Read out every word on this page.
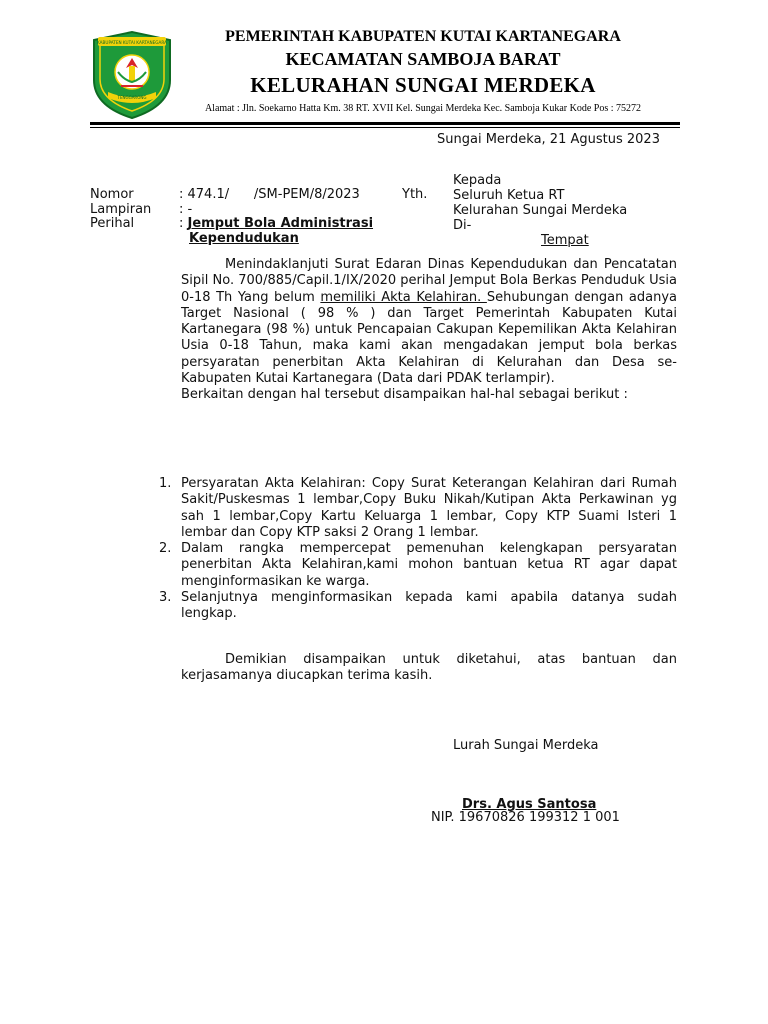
KABUPATEN KUTAI KARTANEGARA
TENGGARONG
PEMERINTAH KABUPATEN KUTAI KARTANEGARA
KECAMATAN SAMBOJA BARAT
KELURAHAN SUNGAI MERDEKA
Alamat : Jln. Soekarno Hatta Km. 38 RT. XVII Kel. Sungai Merdeka Kec. Samboja Kukar Kode Pos : 75272
Sungai Merdeka, 21 Agustus 2023
Kepada
Seluruh Ketua RT
Kelurahan Sungai Merdeka
Di-
Tempat
Nomor	: 474.1/      /SM-PEM/8/2023	Yth.
Lampiran : -
Perihal	: Jemput Bola Administrasi
Kependudukan

Menindaklanjuti Surat Edaran Dinas Kependudukan dan Pencatatan Sipil No. 700/885/Capil.1/IX/2020 perihal Jemput Bola Berkas Penduduk Usia 0-18 Th Yang belum memiliki Akta Kelahiran. Sehubungan dengan adanya Target Nasional ( 98 % ) dan Target Pemerintah Kabupaten Kutai Kartanegara (98 %) untuk Pencapaian Cakupan Kepemilikan Akta Kelahiran Usia 0-18 Tahun, maka kami akan mengadakan jemput bola berkas persyaratan penerbitan Akta Kelahiran di Kelurahan dan Desa se-Kabupaten Kutai Kartanegara (Data dari PDAK terlampir).

Berkaitan dengan hal tersebut disampaikan hal-hal sebagai berikut :

1. Persyaratan Akta Kelahiran: Copy Surat Keterangan Kelahiran dari Rumah Sakit/Puskesmas 1 lembar,Copy Buku Nikah/Kutipan Akta Perkawinan yg sah 1 lembar,Copy Kartu Keluarga 1 lembar, Copy KTP Suami Isteri 1 lembar dan Copy KTP saksi 2 Orang 1 lembar.
2. Dalam rangka mempercepat pemenuhan kelengkapan persyaratan penerbitan Akta Kelahiran,kami mohon bantuan ketua RT agar dapat menginformasikan ke warga.
3. Selanjutnya menginformasikan kepada kami apabila datanya sudah lengkap.

Demikian disampaikan untuk diketahui, atas bantuan dan kerjasamanya diucapkan terima kasih.

Lurah Sungai Merdeka
Drs. Agus Santosa
NIP. 19670826 199312 1 001
